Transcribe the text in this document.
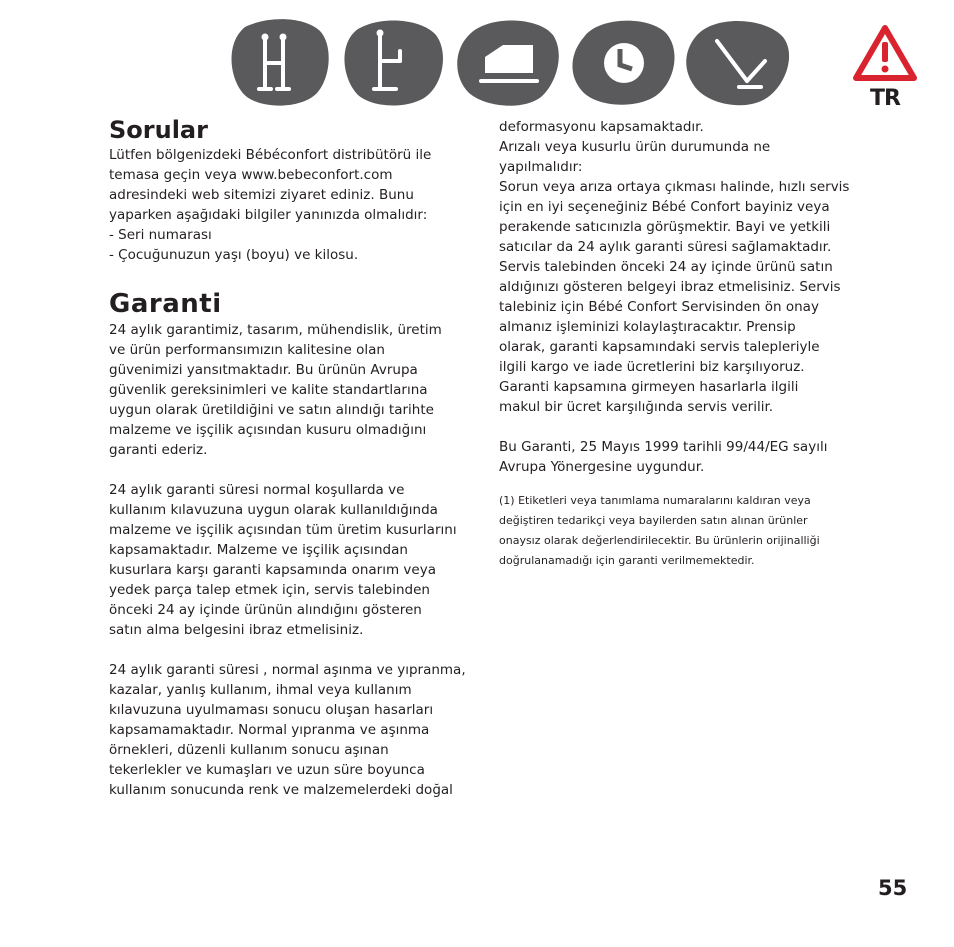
TR
Sorular

Lütfen bölgenizdeki Bébéconfort distribütörü ile
temasa geçin veya www.bebeconfort.com
adresindeki web sitemizi ziyaret ediniz. Bunu
yaparken aşağıdaki bilgiler yanınızda olmalıdır:
- Seri numarası
- Çocuğunuzun yaşı (boyu) ve kilosu.

Garanti

24 aylık garantimiz, tasarım, mühendislik, üretim
ve ürün performansımızın kalitesine olan
güvenimizi yansıtmaktadır. Bu ürünün Avrupa
güvenlik gereksinimleri ve kalite standartlarına
uygun olarak üretildiğini ve satın alındığı tarihte
malzeme ve işçilik açısından kusuru olmadığını
garanti ederiz.

24 aylık garanti süresi normal koşullarda ve
kullanım kılavuzuna uygun olarak kullanıldığında
malzeme ve işçilik açısından tüm üretim kusurlarını
kapsamaktadır. Malzeme ve işçilik açısından
kusurlara karşı garanti kapsamında onarım veya
yedek parça talep etmek için, servis talebinden
önceki 24 ay içinde ürünün alındığını gösteren
satın alma belgesini ibraz etmelisiniz.

24 aylık garanti süresi , normal aşınma ve yıpranma,
kazalar, yanlış kullanım, ihmal veya kullanım
kılavuzuna uyulmaması sonucu oluşan hasarları
kapsamamaktadır. Normal yıpranma ve aşınma
örnekleri, düzenli kullanım sonucu aşınan
tekerlekler ve kumaşları ve uzun süre boyunca
kullanım sonucunda renk ve malzemelerdeki doğal

deformasyonu kapsamaktadır.
Arızalı veya kusurlu ürün durumunda ne
yapılmalıdır:
Sorun veya arıza ortaya çıkması halinde, hızlı servis
için en iyi seçeneğiniz Bébé Confort bayiniz veya
perakende satıcınızla görüşmektir. Bayi ve yetkili
satıcılar da 24 aylık garanti süresi sağlamaktadır.
Servis talebinden önceki 24 ay içinde ürünü satın
aldığınızı gösteren belgeyi ibraz etmelisiniz. Servis
talebiniz için Bébé Confort Servisinden ön onay
almanız işleminizi kolaylaştıracaktır. Prensip
olarak, garanti kapsamındaki servis talepleriyle
ilgili kargo ve iade ücretlerini biz karşılıyoruz.
Garanti kapsamına girmeyen hasarlarla ilgili
makul bir ücret karşılığında servis verilir.

Bu Garanti, 25 Mayıs 1999 tarihli 99/44/EG sayılı
Avrupa Yönergesine uygundur.

(1) Etiketleri veya tanımlama numaralarını kaldıran veya
değiştiren tedarikçi veya bayilerden satın alınan ürünler
onaysız olarak değerlendirilecektir. Bu ürünlerin orijinalliği
doğrulanamadığı için garanti verilmemektedir.

55
